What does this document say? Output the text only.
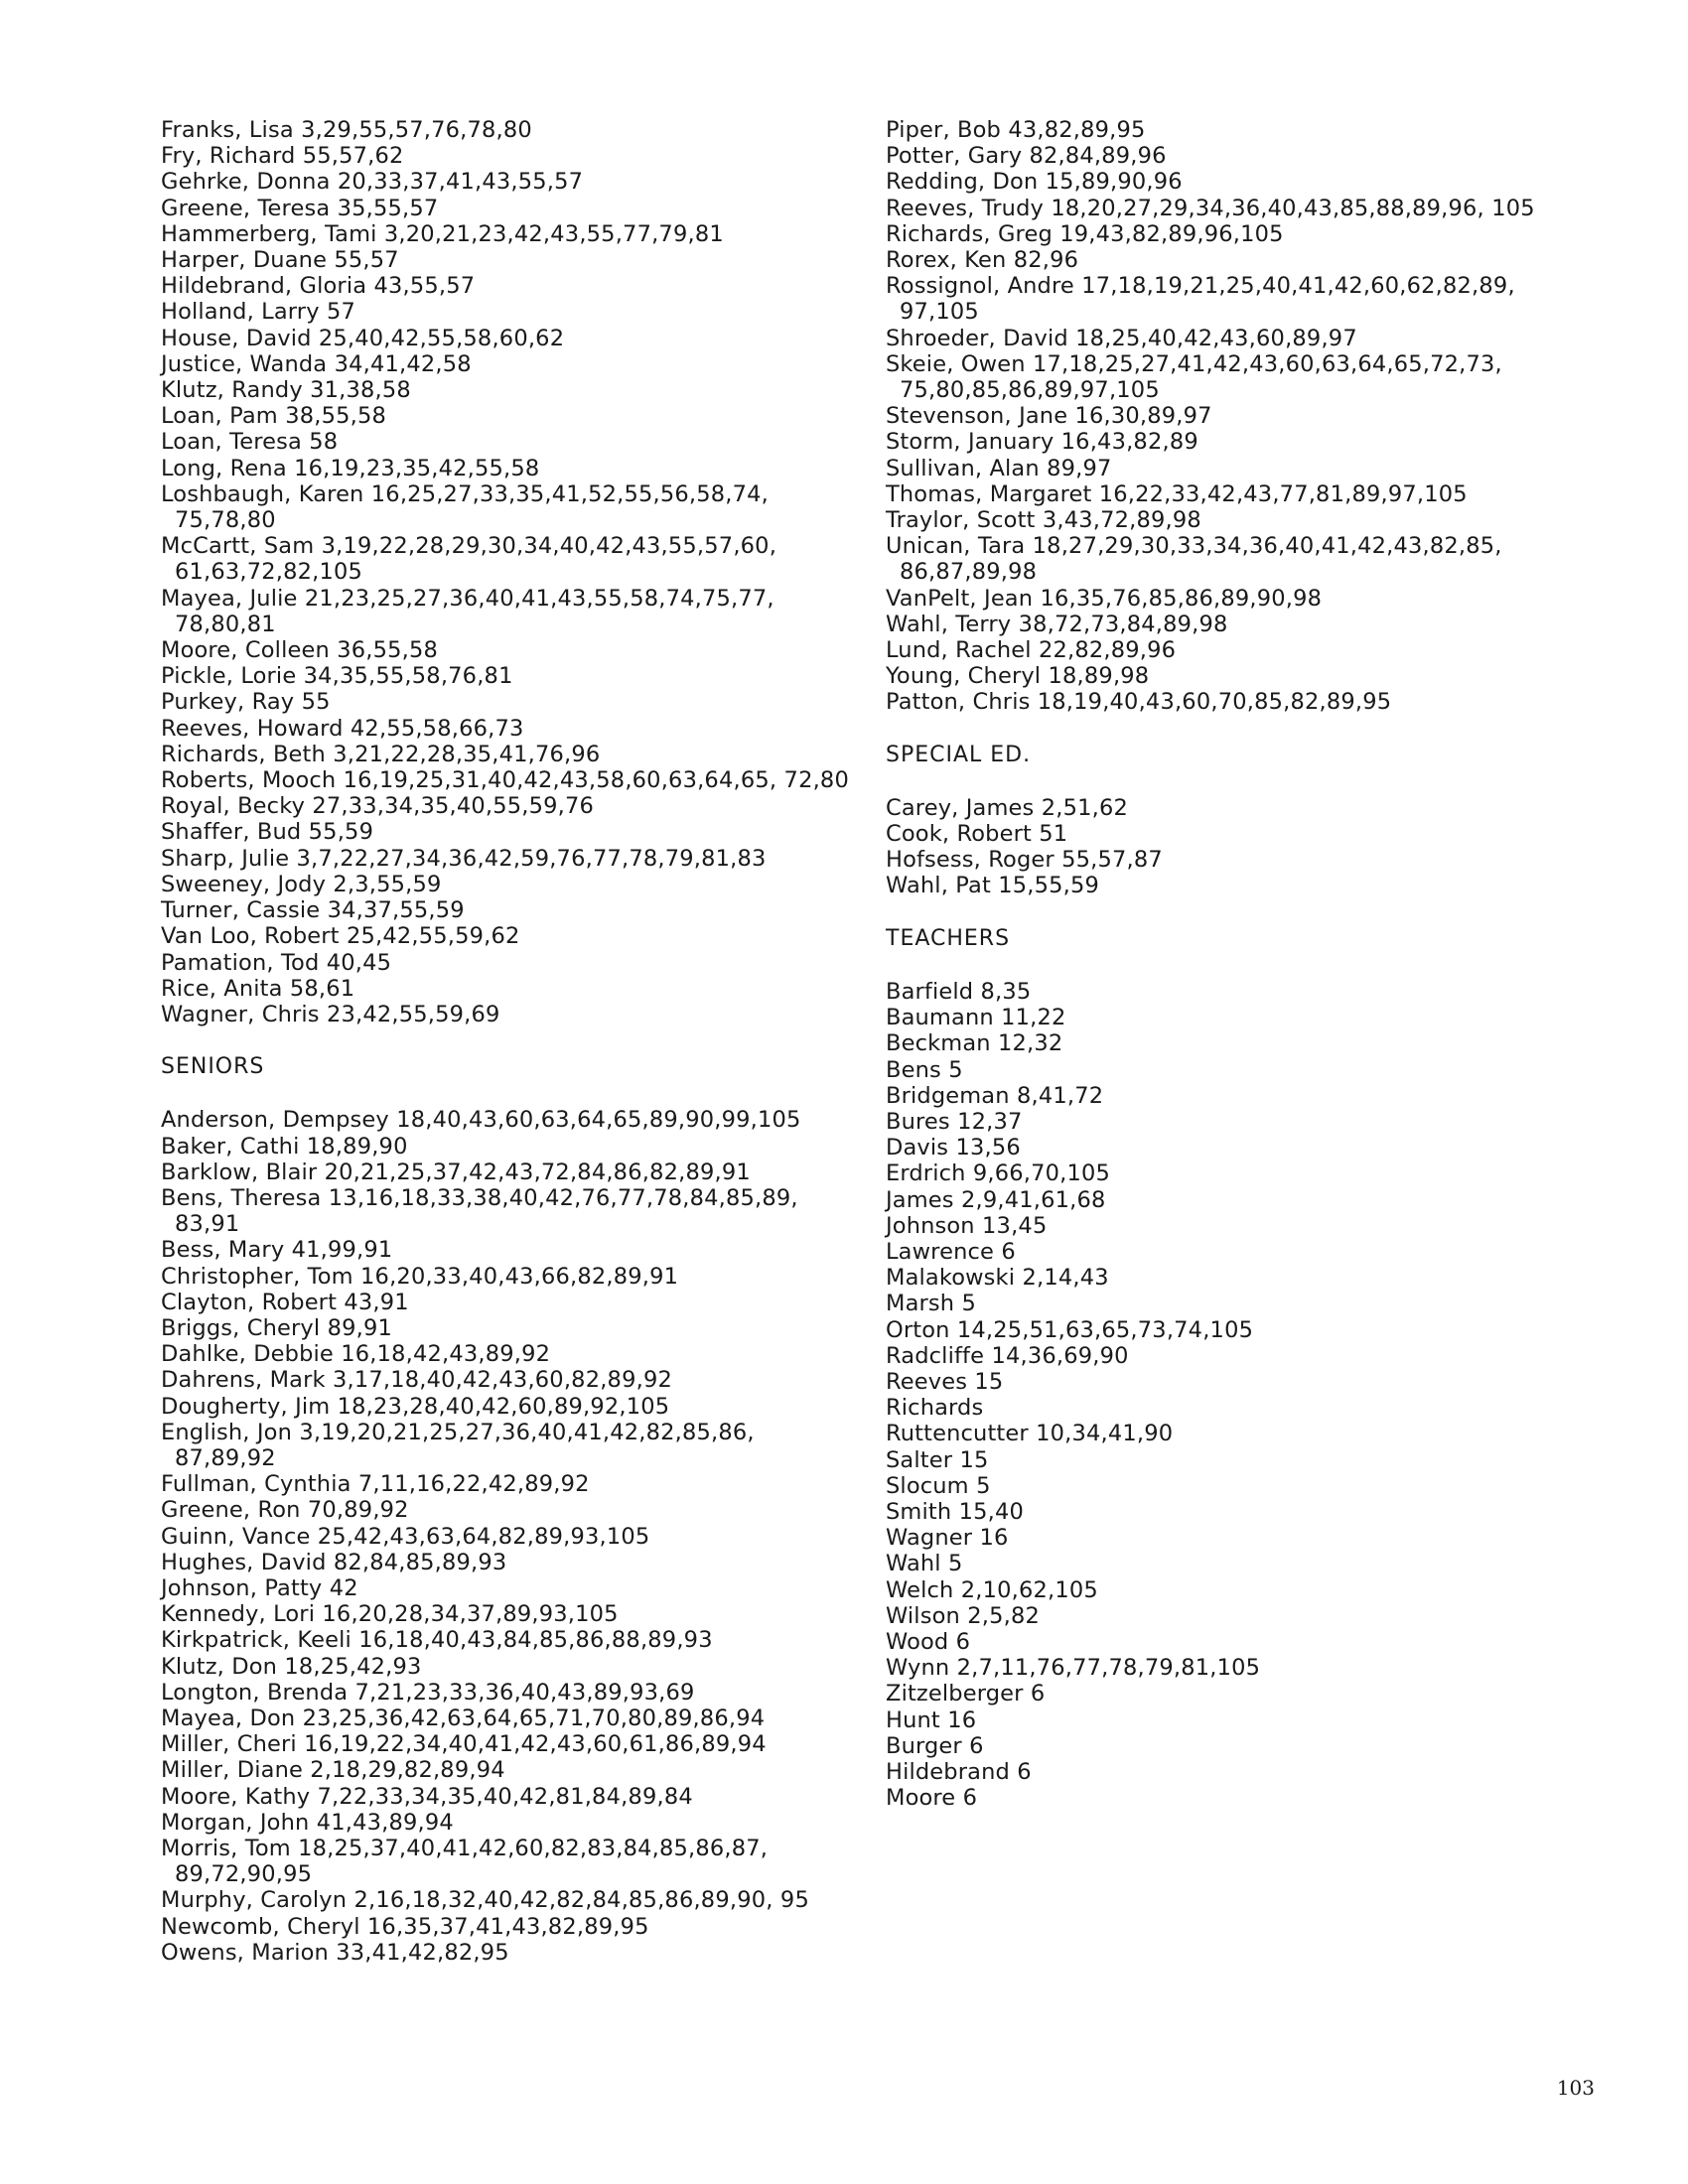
Franks, Lisa 3,29,55,57,76,78,80
Fry, Richard 55,57,62
Gehrke, Donna 20,33,37,41,43,55,57
Greene, Teresa 35,55,57
Hammerberg, Tami 3,20,21,23,42,43,55,77,79,81
Harper, Duane 55,57
Hildebrand, Gloria 43,55,57
Holland, Larry 57
House, David 25,40,42,55,58,60,62
Justice, Wanda 34,41,42,58
Klutz, Randy 31,38,58
Loan, Pam 38,55,58
Loan, Teresa 58
Long, Rena 16,19,23,35,42,55,58
Loshbaugh, Karen 16,25,27,33,35,41,52,55,56,58,74, 75,78,80
McCartt, Sam 3,19,22,28,29,30,34,40,42,43,55,57,60, 61,63,72,82,105
Mayea, Julie 21,23,25,27,36,40,41,43,55,58,74,75,77, 78,80,81
Moore, Colleen 36,55,58
Pickle, Lorie 34,35,55,58,76,81
Purkey, Ray 55
Reeves, Howard 42,55,58,66,73
Richards, Beth 3,21,22,28,35,41,76,96
Roberts, Mooch 16,19,25,31,40,42,43,58,60,63,64,65, 72,80
Royal, Becky 27,33,34,35,40,55,59,76
Shaffer, Bud 55,59
Sharp, Julie 3,7,22,27,34,36,42,59,76,77,78,79,81,83
Sweeney, Jody 2,3,55,59
Turner, Cassie 34,37,55,59
Van Loo, Robert 25,42,55,59,62
Pamation, Tod 40,45
Rice, Anita 58,61
Wagner, Chris 23,42,55,59,69
SENIORS
Anderson, Dempsey 18,40,43,60,63,64,65,89,90,99,105
Baker, Cathi 18,89,90
Barklow, Blair 20,21,25,37,42,43,72,84,86,82,89,91
Bens, Theresa 13,16,18,33,38,40,42,76,77,78,84,85,89, 83,91
Bess, Mary 41,99,91
Christopher, Tom 16,20,33,40,43,66,82,89,91
Clayton, Robert 43,91
Briggs, Cheryl 89,91
Dahlke, Debbie 16,18,42,43,89,92
Dahrens, Mark 3,17,18,40,42,43,60,82,89,92
Dougherty, Jim 18,23,28,40,42,60,89,92,105
English, Jon 3,19,20,21,25,27,36,40,41,42,82,85,86, 87,89,92
Fullman, Cynthia 7,11,16,22,42,89,92
Greene, Ron 70,89,92
Guinn, Vance 25,42,43,63,64,82,89,93,105
Hughes, David 82,84,85,89,93
Johnson, Patty 42
Kennedy, Lori 16,20,28,34,37,89,93,105
Kirkpatrick, Keeli 16,18,40,43,84,85,86,88,89,93
Klutz, Don 18,25,42,93
Longton, Brenda 7,21,23,33,36,40,43,89,93,69
Mayea, Don 23,25,36,42,63,64,65,71,70,80,89,86,94
Miller, Cheri 16,19,22,34,40,41,42,43,60,61,86,89,94
Miller, Diane 2,18,29,82,89,94
Moore, Kathy 7,22,33,34,35,40,42,81,84,89,84
Morgan, John 41,43,89,94
Morris, Tom 18,25,37,40,41,42,60,82,83,84,85,86,87, 89,72,90,95
Murphy, Carolyn 2,16,18,32,40,42,82,84,85,86,89,90, 95
Newcomb, Cheryl 16,35,37,41,43,82,89,95
Owens, Marion 33,41,42,82,95
Piper, Bob 43,82,89,95
Potter, Gary 82,84,89,96
Redding, Don 15,89,90,96
Reeves, Trudy 18,20,27,29,34,36,40,43,85,88,89,96, 105
Richards, Greg 19,43,82,89,96,105
Rorex, Ken 82,96
Rossignol, Andre 17,18,19,21,25,40,41,42,60,62,82,89, 97,105
Shroeder, David 18,25,40,42,43,60,89,97
Skeie, Owen 17,18,25,27,41,42,43,60,63,64,65,72,73, 75,80,85,86,89,97,105
Stevenson, Jane 16,30,89,97
Storm, January 16,43,82,89
Sullivan, Alan 89,97
Thomas, Margaret 16,22,33,42,43,77,81,89,97,105
Traylor, Scott 3,43,72,89,98
Unican, Tara 18,27,29,30,33,34,36,40,41,42,43,82,85, 86,87,89,98
VanPelt, Jean 16,35,76,85,86,89,90,98
Wahl, Terry 38,72,73,84,89,98
Lund, Rachel 22,82,89,96
Young, Cheryl 18,89,98
Patton, Chris 18,19,40,43,60,70,85,82,89,95
SPECIAL ED.
Carey, James 2,51,62
Cook, Robert 51
Hofsess, Roger 55,57,87
Wahl, Pat 15,55,59
TEACHERS
Barfield 8,35
Baumann 11,22
Beckman 12,32
Bens 5
Bridgeman 8,41,72
Bures 12,37
Davis 13,56
Erdrich 9,66,70,105
James 2,9,41,61,68
Johnson 13,45
Lawrence 6
Malakowski 2,14,43
Marsh 5
Orton 14,25,51,63,65,73,74,105
Radcliffe 14,36,69,90
Reeves 15
Richards
Ruttencutter 10,34,41,90
Salter 15
Slocum 5
Smith 15,40
Wagner 16
Wahl 5
Welch 2,10,62,105
Wilson 2,5,82
Wood 6
Wynn 2,7,11,76,77,78,79,81,105
Zitzelberger 6
Hunt 16
Burger 6
Hildebrand 6
Moore 6
103
